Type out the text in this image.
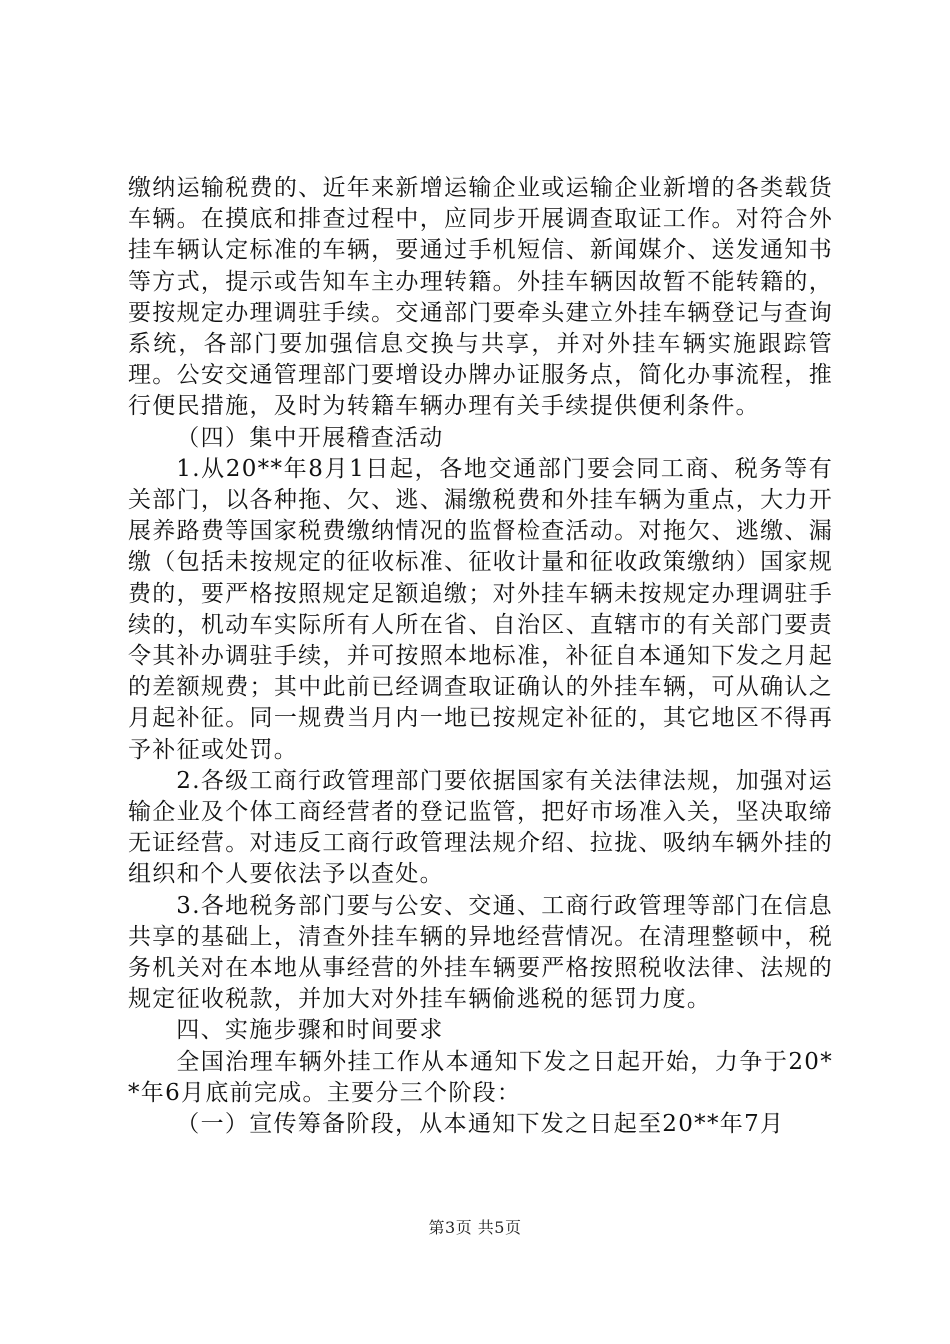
缴纳运输税费的、近年来新增运输企业或运输企业新增的各类载货车辆。在摸底和排查过程中，应同步开展调查取证工作。对符合外挂车辆认定标准的车辆，要通过手机短信、新闻媒介、送发通知书等方式，提示或告知车主办理转籍。外挂车辆因故暂不能转籍的，要按规定办理调驻手续。交通部门要牵头建立外挂车辆登记与查询系统，各部门要加强信息交换与共享，并对外挂车辆实施跟踪管理。公安交通管理部门要增设办牌办证服务点，简化办事流程，推行便民措施，及时为转籍车辆办理有关手续提供便利条件。

（四）集中开展稽查活动

1.从20**年8月1日起，各地交通部门要会同工商、税务等有关部门，以各种拖、欠、逃、漏缴税费和外挂车辆为重点，大力开展养路费等国家税费缴纳情况的监督检查活动。对拖欠、逃缴、漏缴（包括未按规定的征收标准、征收计量和征收政策缴纳）国家规费的，要严格按照规定足额追缴；对外挂车辆未按规定办理调驻手续的，机动车实际所有人所在省、自治区、直辖市的有关部门要责令其补办调驻手续，并可按照本地标准，补征自本通知下发之月起的差额规费；其中此前已经调查取证确认的外挂车辆，可从确认之月起补征。同一规费当月内一地已按规定补征的，其它地区不得再予补征或处罚。

2.各级工商行政管理部门要依据国家有关法律法规，加强对运输企业及个体工商经营者的登记监管，把好市场准入关，坚决取缔无证经营。对违反工商行政管理法规介绍、拉拢、吸纳车辆外挂的组织和个人要依法予以查处。

3.各地税务部门要与公安、交通、工商行政管理等部门在信息共享的基础上，清查外挂车辆的异地经营情况。在清理整顿中，税务机关对在本地从事经营的外挂车辆要严格按照税收法律、法规的规定征收税款，并加大对外挂车辆偷逃税的惩罚力度。

四、实施步骤和时间要求

全国治理车辆外挂工作从本通知下发之日起开始，力争于20**年6月底前完成。主要分三个阶段：

（一）宣传筹备阶段，从本通知下发之日起至20**年7月

第3页 共5页
